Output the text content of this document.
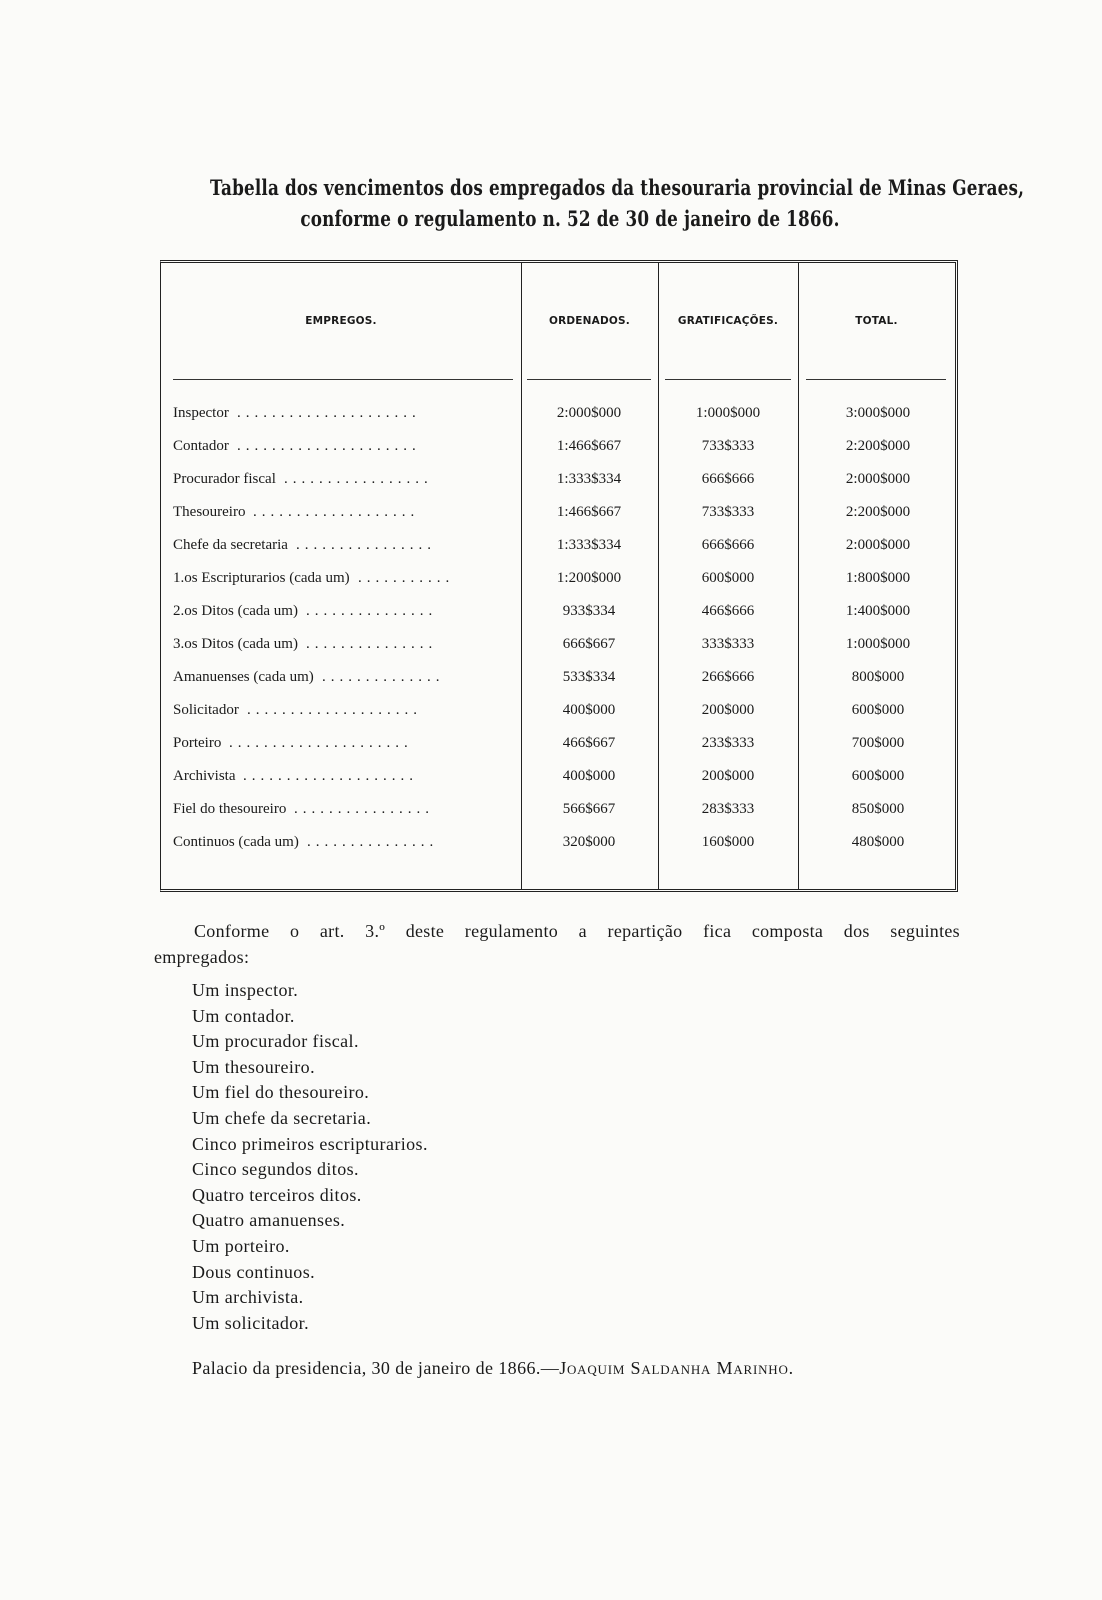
Tabella dos vencimentos dos empregados da thesouraria provincial de Minas Geraes,
conforme o regulamento n. 52 de 30 de janeiro de 1866.
EMPREGOS.	ORDENADOS.	GRATIFICAÇÕES.	TOTAL.
Inspector .....................	2:000$000	1:000$000	3:000$000
Contador .....................	1:466$667	733$333	2:200$000
Procurador fiscal .................	1:333$334	666$666	2:000$000
Thesoureiro ...................	1:466$667	733$333	2:200$000
Chefe da secretaria ................	1:333$334	666$666	2:000$000
1.os Escripturarios (cada um) ...........	1:200$000	600$000	1:800$000
2.os Ditos (cada um) ...............	933$334	466$666	1:400$000
3.os Ditos (cada um) ...............	666$667	333$333	1:000$000
Amanuenses (cada um) ..............	533$334	266$666	800$000
Solicitador ....................	400$000	200$000	600$000
Porteiro .....................	466$667	233$333	700$000
Archivista ....................	400$000	200$000	600$000
Fiel do thesoureiro ................	566$667	283$333	850$000
Continuos (cada um) ...............	320$000	160$000	480$000
Conforme o art. 3.º deste regulamento a repartição fica composta dos seguintes empregados:
Um inspector.
Um contador.
Um procurador fiscal.
Um thesoureiro.
Um fiel do thesoureiro.
Um chefe da secretaria.
Cinco primeiros escripturarios.
Cinco segundos ditos.
Quatro terceiros ditos.
Quatro amanuenses.
Um porteiro.
Dous continuos.
Um archivista.
Um solicitador.
Palacio da presidencia, 30 de janeiro de 1866.—Joaquim Saldanha Marinho.
